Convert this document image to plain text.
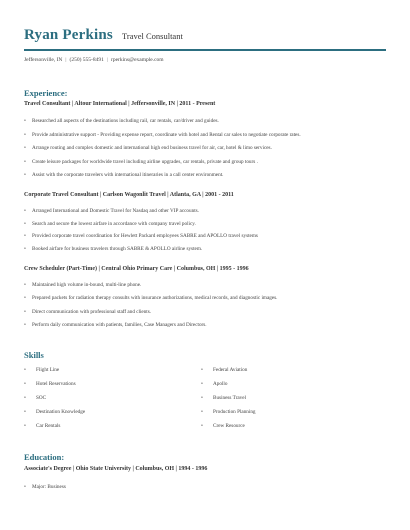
Ryan Perkins Travel Consultant
Jeffersonville, IN | (250) 555-8491 | rperkins@example.com
Experience:
Travel Consultant | Altour International | Jeffersonville, IN | 2011 - Present
• Researched all aspects of the destinations including rail, car rentals, car/driver and guides.
• Provide administrative support - Providing expense report, coordinate with hotel and Rental car sales to negotiate corporate rates.
• Arrange routing and complex domestic and international high end business travel for air, car, hotel & limo services.
• Create leisure packages for worldwide travel including airline upgrades, car rentals, private and group tours .
• Assist with the corporate travelers with international itineraries in a call center environment.
Corporate Travel Consultant | Carlson Wagonlit Travel | Atlanta, GA | 2001 - 2011
• Arranged International and Domestic Travel for Nasdaq and other VIP accounts.
• Search and secure the lowest airfare in accordance with company travel policy.
• Provided corporate travel coordination for Hewlett Packard employees SABRE and APOLLO travel systems
• Booked airfare for business travelers through SABRE & APOLLO airline system.
Crew Scheduler (Part-Time) | Central Ohio Primary Care | Columbus, OH | 1995 - 1996
• Maintained high volume in-bound, multi-line phone.
• Prepared packets for radiation therapy consults with insurance authorizations, medical records, and diagnostic images.
• Direct communication with professional staff and clients.
• Perform daily communication with patients, families, Case Managers and Directors.
Skills
• Flight Line
• Hotel Reservations
• SOC
• Destination Knowledge
• Car Rentals
• Federal Aviation
• Apollo
• Business Travel
• Production Planning
• Crew Resource
Education:
Associate's Degree | Ohio State University | Columbus, OH | 1994 - 1996
• Major: Business
